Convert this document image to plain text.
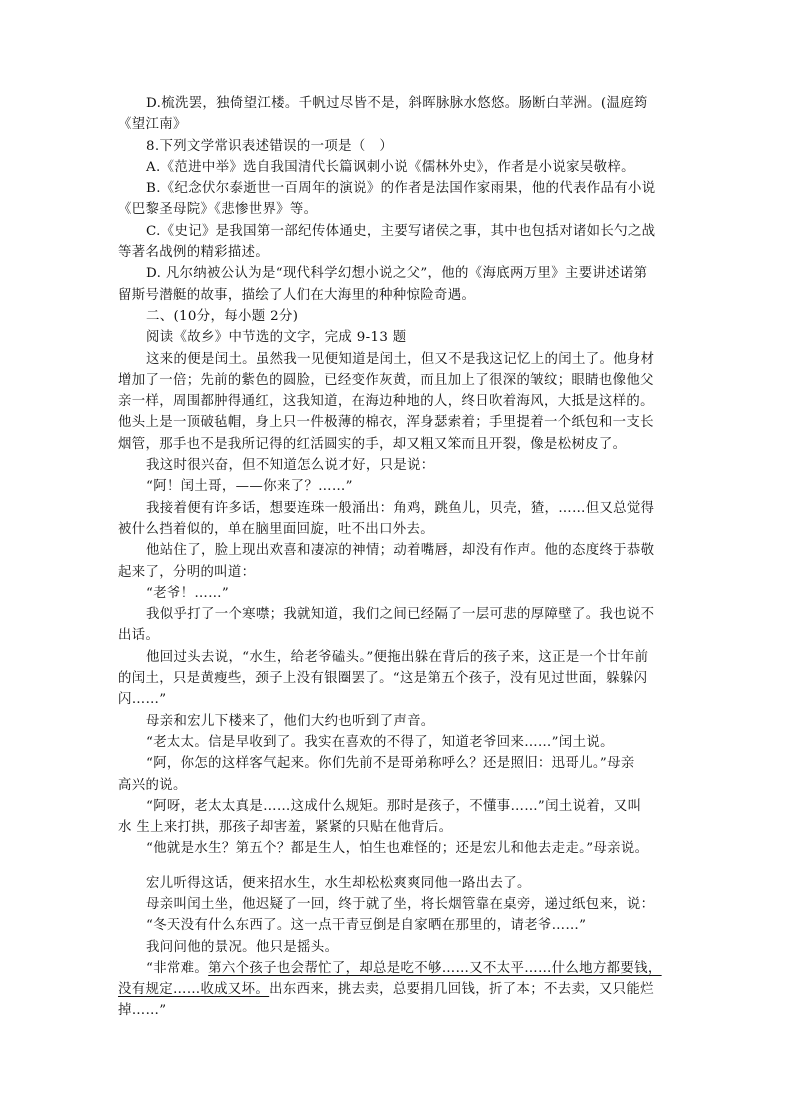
D.梳洗罢，独倚望江楼。千帆过尽皆不是，斜晖脉脉水悠悠。肠断白苹洲。(温庭筠
《望江南》
8.下列文学常识表述错误的一项是（　）
A.《范进中举》选自我国清代长篇讽刺小说《儒林外史》，作者是小说家吴敬梓。
B.《纪念伏尔泰逝世一百周年的演说》的作者是法国作家雨果，他的代表作品有小说
《巴黎圣母院》《悲惨世界》等。
C.《史记》是我国第一部纪传体通史，主要写诸侯之事，其中也包括对诸如长勺之战
等著名战例的精彩描述。
D. 凡尔纳被公认为是“现代科学幻想小说之父”，他的《海底两万里》主要讲述诺第
留斯号潜艇的故事，描绘了人们在大海里的种种惊险奇遇。
二、(10分，每小题 2分)
阅读《故乡》中节选的文字，完成 9-13 题
这来的便是闰土。虽然我一见便知道是闰土，但又不是我这记忆上的闰土了。他身材
增加了一倍；先前的紫色的圆脸，已经变作灰黄，而且加上了很深的皱纹；眼睛也像他父
亲一样，周围都肿得通红，这我知道，在海边种地的人，终日吹着海风，大抵是这样的。
他头上是一顶破毡帽，身上只一件极薄的棉衣，浑身瑟索着；手里提着一个纸包和一支长
烟管，那手也不是我所记得的红活圆实的手，却又粗又笨而且开裂，像是松树皮了。
我这时很兴奋，但不知道怎么说才好，只是说：
“阿！闰土哥，——你来了？……”
我接着便有许多话，想要连珠一般涌出：角鸡，跳鱼儿，贝壳，猹，……但又总觉得
被什么挡着似的，单在脑里面回旋，吐不出口外去。
他站住了，脸上现出欢喜和凄凉的神情；动着嘴唇，却没有作声。他的态度终于恭敬
起来了，分明的叫道：
“老爷！……”
我似乎打了一个寒噤；我就知道，我们之间已经隔了一层可悲的厚障壁了。我也说不
出话。
他回过头去说，“水生，给老爷磕头。”便拖出躲在背后的孩子来，这正是一个廿年前
的闰土，只是黄瘦些，颈子上没有银圈罢了。“这是第五个孩子，没有见过世面，躲躲闪
闪……”
母亲和宏儿下楼来了，他们大约也听到了声音。
“老太太。信是早收到了。我实在喜欢的不得了，知道老爷回来……”闰土说。
“阿，你怎的这样客气起来。你们先前不是哥弟称呼么？还是照旧：迅哥儿。”母亲
高兴的说。
“阿呀，老太太真是……这成什么规矩。那时是孩子，不懂事……”闰土说着，又叫
水 生上来打拱，那孩子却害羞，紧紧的只贴在他背后。
“他就是水生？第五个？都是生人，怕生也难怪的；还是宏儿和他去走走。”母亲说。
宏儿听得这话，便来招水生，水生却松松爽爽同他一路出去了。
母亲叫闰土坐，他迟疑了一回，终于就了坐，将长烟管靠在桌旁，递过纸包来，说：
“冬天没有什么东西了。这一点干青豆倒是自家晒在那里的，请老爷……”
我问问他的景况。他只是摇头。
“非常难。第六个孩子也会帮忙了，却总是吃不够……又不太平……什么地方都要钱，
没有规定……收成又坏。出东西来，挑去卖，总要捐几回钱，折了本；不去卖，又只能烂
掉……”
